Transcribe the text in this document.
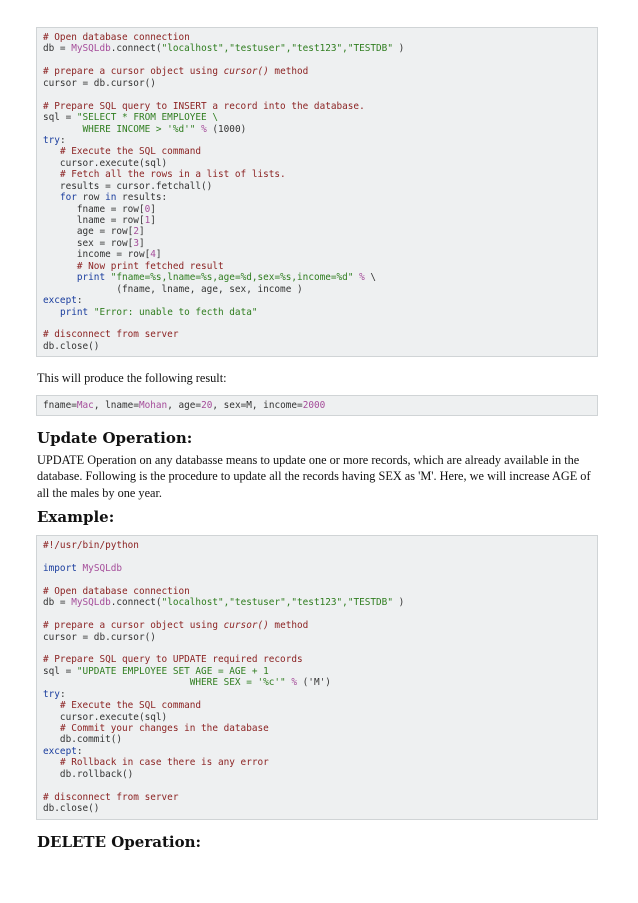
# Open database connection
db = MySQLdb.connect("localhost","testuser","test123","TESTDB" )

# prepare a cursor object using cursor() method
cursor = db.cursor()

# Prepare SQL query to INSERT a record into the database.
sql = "SELECT * FROM EMPLOYEE \
WHERE INCOME > '%d'" % (1000)
try:
# Execute the SQL command
cursor.execute(sql)
# Fetch all the rows in a list of lists.
results = cursor.fetchall()
for row in results:
fname = row[0]
lname = row[1]
age = row[2]
sex = row[3]
income = row[4]
# Now print fetched result
print "fname=%s,lname=%s,age=%d,sex=%s,income=%d" % \
(fname, lname, age, sex, income )
except:
print "Error: unable to fecth data"

# disconnect from server
db.close()

This will produce the following result:

fname=Mac, lname=Mohan, age=20, sex=M, income=2000
Update Operation:

UPDATE Operation on any databasse means to update one or more records, which are already available in the database. Following is the procedure to update all the records having SEX as 'M'. Here, we will increase AGE of all the males by one year.

Example:
#!/usr/bin/python

import MySQLdb

# Open database connection
db = MySQLdb.connect("localhost","testuser","test123","TESTDB" )

# prepare a cursor object using cursor() method
cursor = db.cursor()

# Prepare SQL query to UPDATE required records
sql = "UPDATE EMPLOYEE SET AGE = AGE + 1
WHERE SEX = '%c'" % ('M')
try:
# Execute the SQL command
cursor.execute(sql)
# Commit your changes in the database
db.commit()
except:
# Rollback in case there is any error
db.rollback()

# disconnect from server
db.close()
DELETE Operation:
